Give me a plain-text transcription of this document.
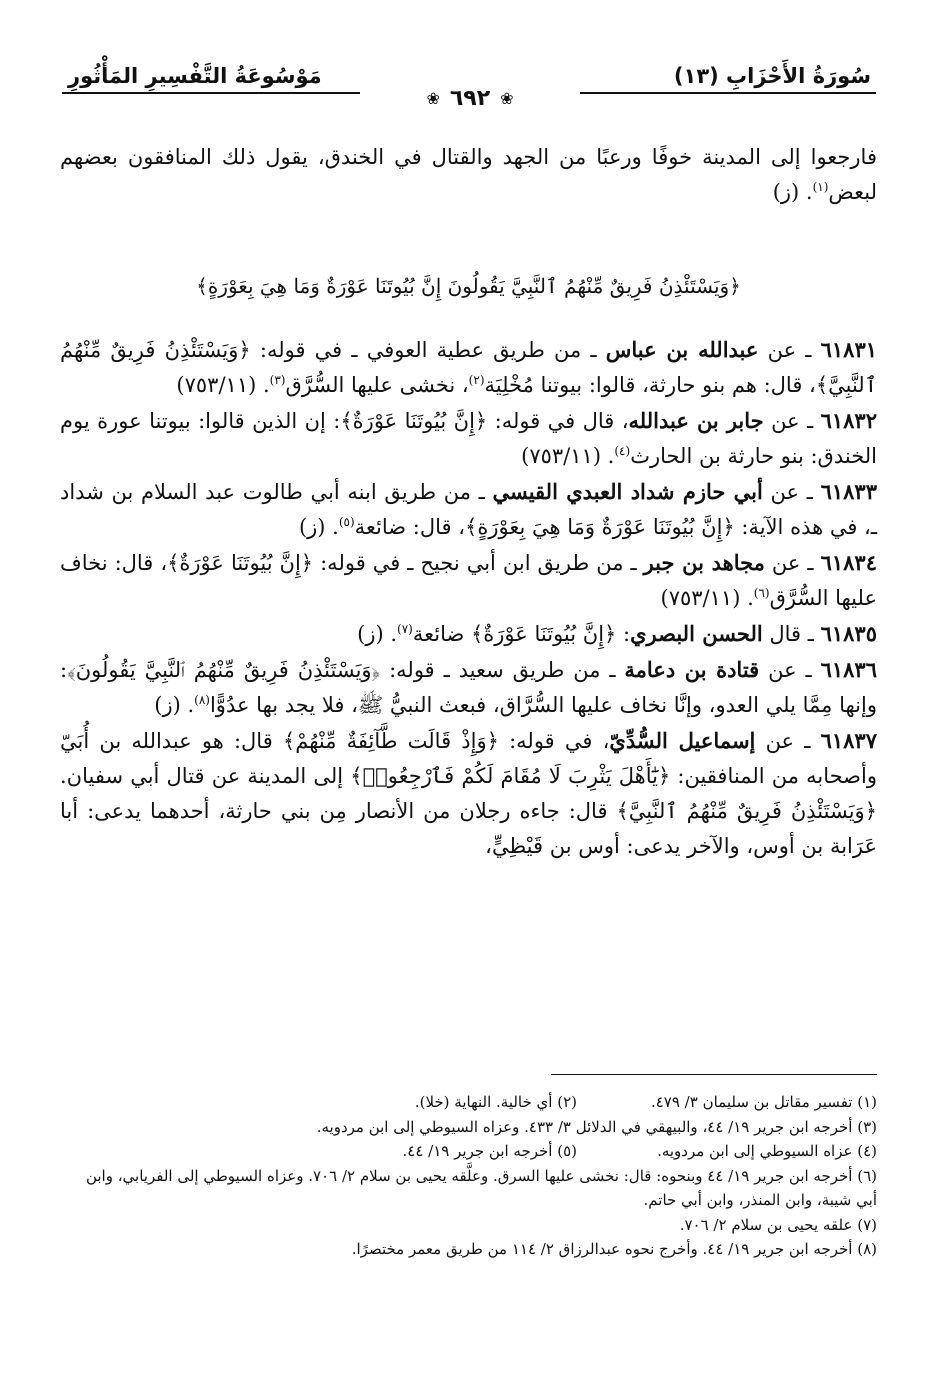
سُورَةُ الأَحْزَابِ (١٣)
مَوْسُوعَةُ التَّفْسِيرِ المَأْثُورِ
❀ ٦٩٢ ❀

فارجعوا إلى المدينة خوفًا ورعبًا من الجهد والقتال في الخندق، يقول ذلك المنافقون بعضهم لبعض$^{(١)}$. (ز)

﴿وَيَسْتَئْذِنُ فَرِيقٌ مِّنْهُمُ ٱلنَّبِيَّ يَقُولُونَ إِنَّ بُيُوتَنَا عَوْرَةٌ وَمَا هِيَ بِعَوْرَةٍ﴾

٦١٨٣١ ـ عن عبدالله بن عباس ـ من طريق عطية العوفي ـ في قوله: ﴿وَيَسْتَئْذِنُ فَرِيقٌ مِّنْهُمُ ٱلنَّبِيَّ﴾، قال: هم بنو حارثة، قالوا: بيوتنا مُخْلِيَة$^{(٢)}$، نخشى عليها السُّرَّق$^{(٣)}$. (٧٥٣/١١)

٦١٨٣٢ ـ عن جابر بن عبدالله، قال في قوله: ﴿إِنَّ بُيُوتَنَا عَوْرَةٌ﴾: إن الذين قالوا: بيوتنا عورة يوم الخندق: بنو حارثة بن الحارث$^{(٤)}$. (٧٥٣/١١)

٦١٨٣٣ ـ عن أبي حازم شداد العبدي القيسي ـ من طريق ابنه أبي طالوت عبد السلام بن شداد ـ، في هذه الآية: ﴿إِنَّ بُيُوتَنَا عَوْرَةٌ وَمَا هِيَ بِعَوْرَةٍ﴾، قال: ضائعة$^{(٥)}$. (ز)

٦١٨٣٤ ـ عن مجاهد بن جبر ـ من طريق ابن أبي نجيح ـ في قوله: ﴿إِنَّ بُيُوتَنَا عَوْرَةٌ﴾، قال: نخاف عليها السُّرَّق$^{(٦)}$. (٧٥٣/١١)

٦١٨٣٥ ـ قال الحسن البصري: ﴿إِنَّ بُيُوتَنَا عَوْرَةٌ﴾ ضائعة$^{(٧)}$. (ز)

٦١٨٣٦ ـ عن قتادة بن دعامة ـ من طريق سعيد ـ قوله: ﴿وَيَسْتَئْذِنُ فَرِيقٌ مِّنْهُمُ ٱلنَّبِيَّ يَقُولُونَ﴾: وإنها مِمَّا يلي العدو، وإنَّا نخاف عليها السُّرَّاق، فبعث النبيُّ ﷺ، فلا يجد بها عدُوًّا$^{(٨)}$. (ز)

٦١٨٣٧ ـ عن إسماعيل السُّدِّيّ، في قوله: ﴿وَإِذْ قَالَت طَّآئِفَةٌ مِّنْهُمْ﴾ قال: هو عبدالله بن أُبَيّ وأصحابه من المنافقين: ﴿يَٰٓأَهْلَ يَثْرِبَ لَا مُقَامَ لَكُمْ فَٱرْجِعُوا۟﴾ إلى المدينة عن قتال أبي سفيان. ﴿وَيَسْتَئْذِنُ فَرِيقٌ مِّنْهُمُ ٱلنَّبِيَّ﴾ قال: جاءه رجلان من الأنصار مِن بني حارثة، أحدهما يدعى: أبا عَرَابة بن أوس، والآخر يدعى: أوس بن قَيْظِيٍّ،

(١) تفسير مقاتل بن سليمان ٣/ ٤٧٩.
(٢) أي خالية. النهاية (خلا).

(٣) أخرجه ابن جرير ١٩/ ٤٤، والبيهقي في الدلائل ٣/ ٤٣٣. وعزاه السيوطي إلى ابن مردويه.

(٤) عزاه السيوطي إلى ابن مردويه.
(٥) أخرجه ابن جرير ١٩/ ٤٤.

(٦) أخرجه ابن جرير ١٩/ ٤٤ وبنحوه: قال: نخشى عليها السرق. وعلَّقه يحيى بن سلام ٢/ ٧٠٦. وعزاه السيوطي إلى الفريابي، وابن أبي شيبة، وابن المنذر، وابن أبي حاتم.

(٧) علقه يحيى بن سلام ٢/ ٧٠٦.

(٨) أخرجه ابن جرير ١٩/ ٤٤. وأخرج نحوه عبدالرزاق ٢/ ١١٤ من طريق معمر مختصرًا.
